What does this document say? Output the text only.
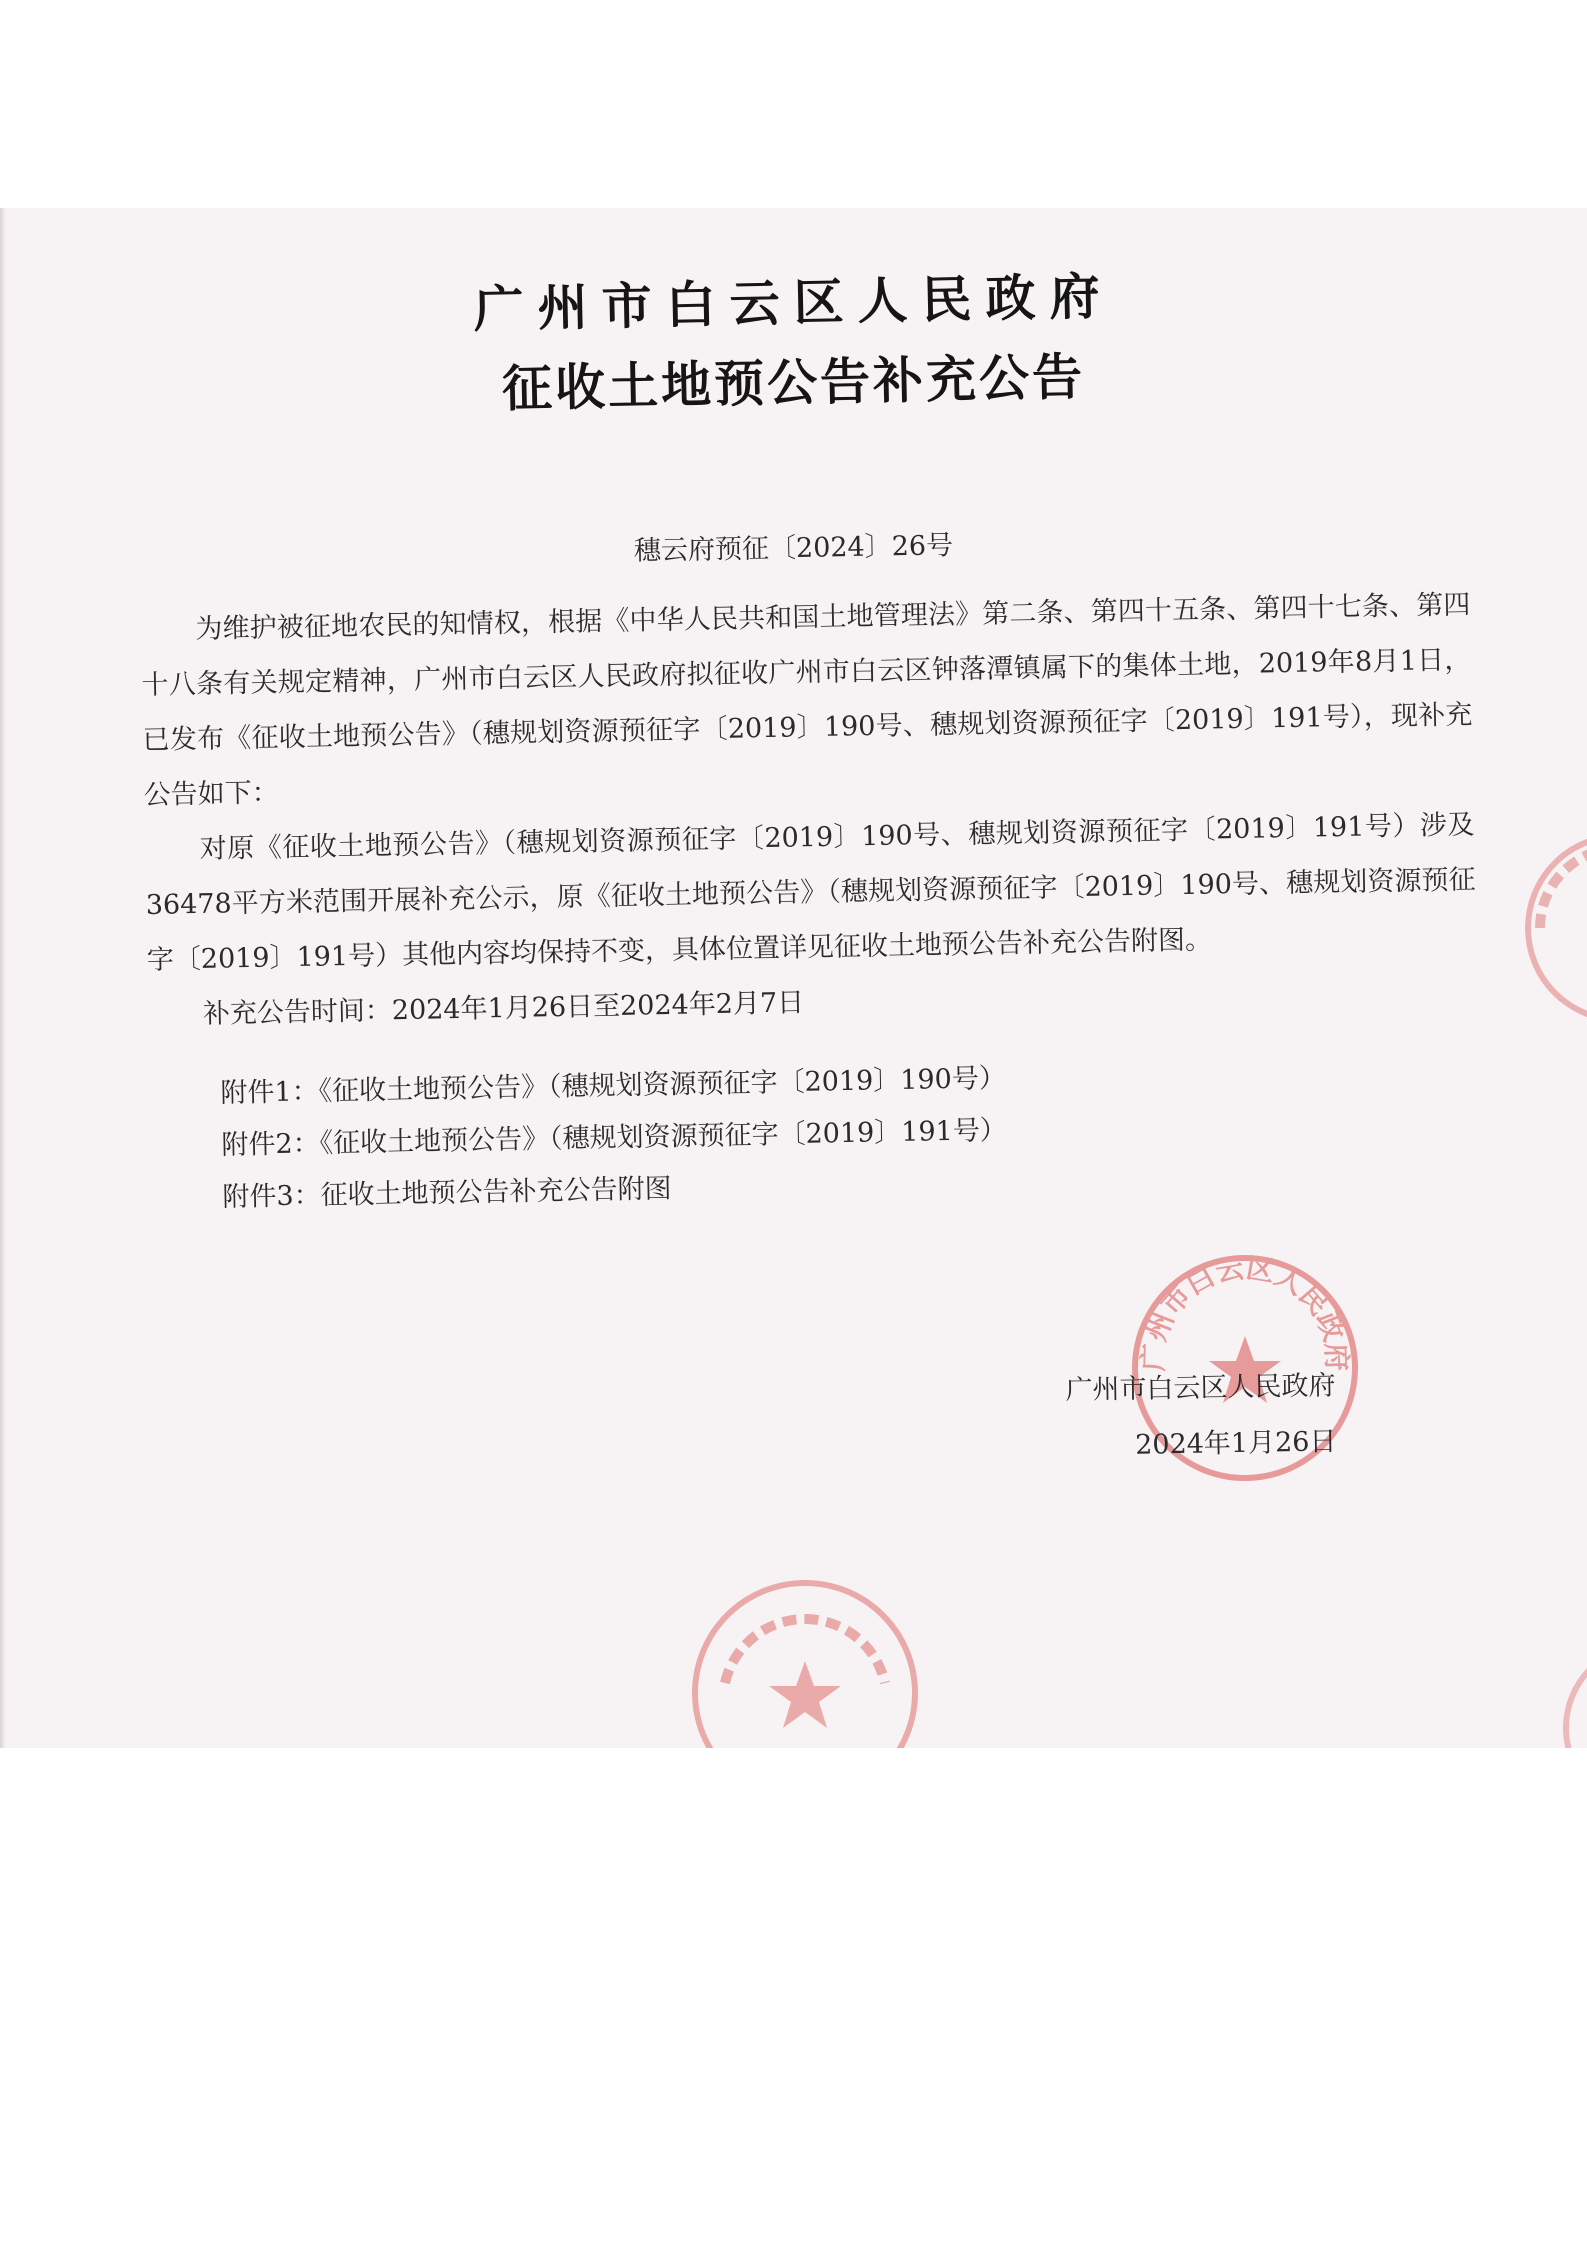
广州市白云区人民政府
征收土地预公告补充公告
穗云府预征〔2024〕26号

为维护被征地农民的知情权，根据《中华人民共和国土地管理法》第二条、第四十五条、第四十七条、第四十八条有关规定精神，广州市白云区人民政府拟征收广州市白云区钟落潭镇属下的集体土地，2019年8月1日，已发布《征收土地预公告》（穗规划资源预征字〔2019〕190号、穗规划资源预征字〔2019〕191号），现补充公告如下：

对原《征收土地预公告》（穗规划资源预征字〔2019〕190号、穗规划资源预征字〔2019〕191号）涉及36478平方米范围开展补充公示，原《征收土地预公告》（穗规划资源预征字〔2019〕190号、穗规划资源预征字〔2019〕191号）其他内容均保持不变，具体位置详见征收土地预公告补充公告附图。

补充公告时间：2024年1月26日至2024年2月7日

附件1：《征收土地预公告》（穗规划资源预征字〔2019〕190号）
附件2：《征收土地预公告》（穗规划资源预征字〔2019〕191号）
附件3：征收土地预公告补充公告附图
广州市白云区人民政府
广州市白云区人民政府
2024年1月26日
